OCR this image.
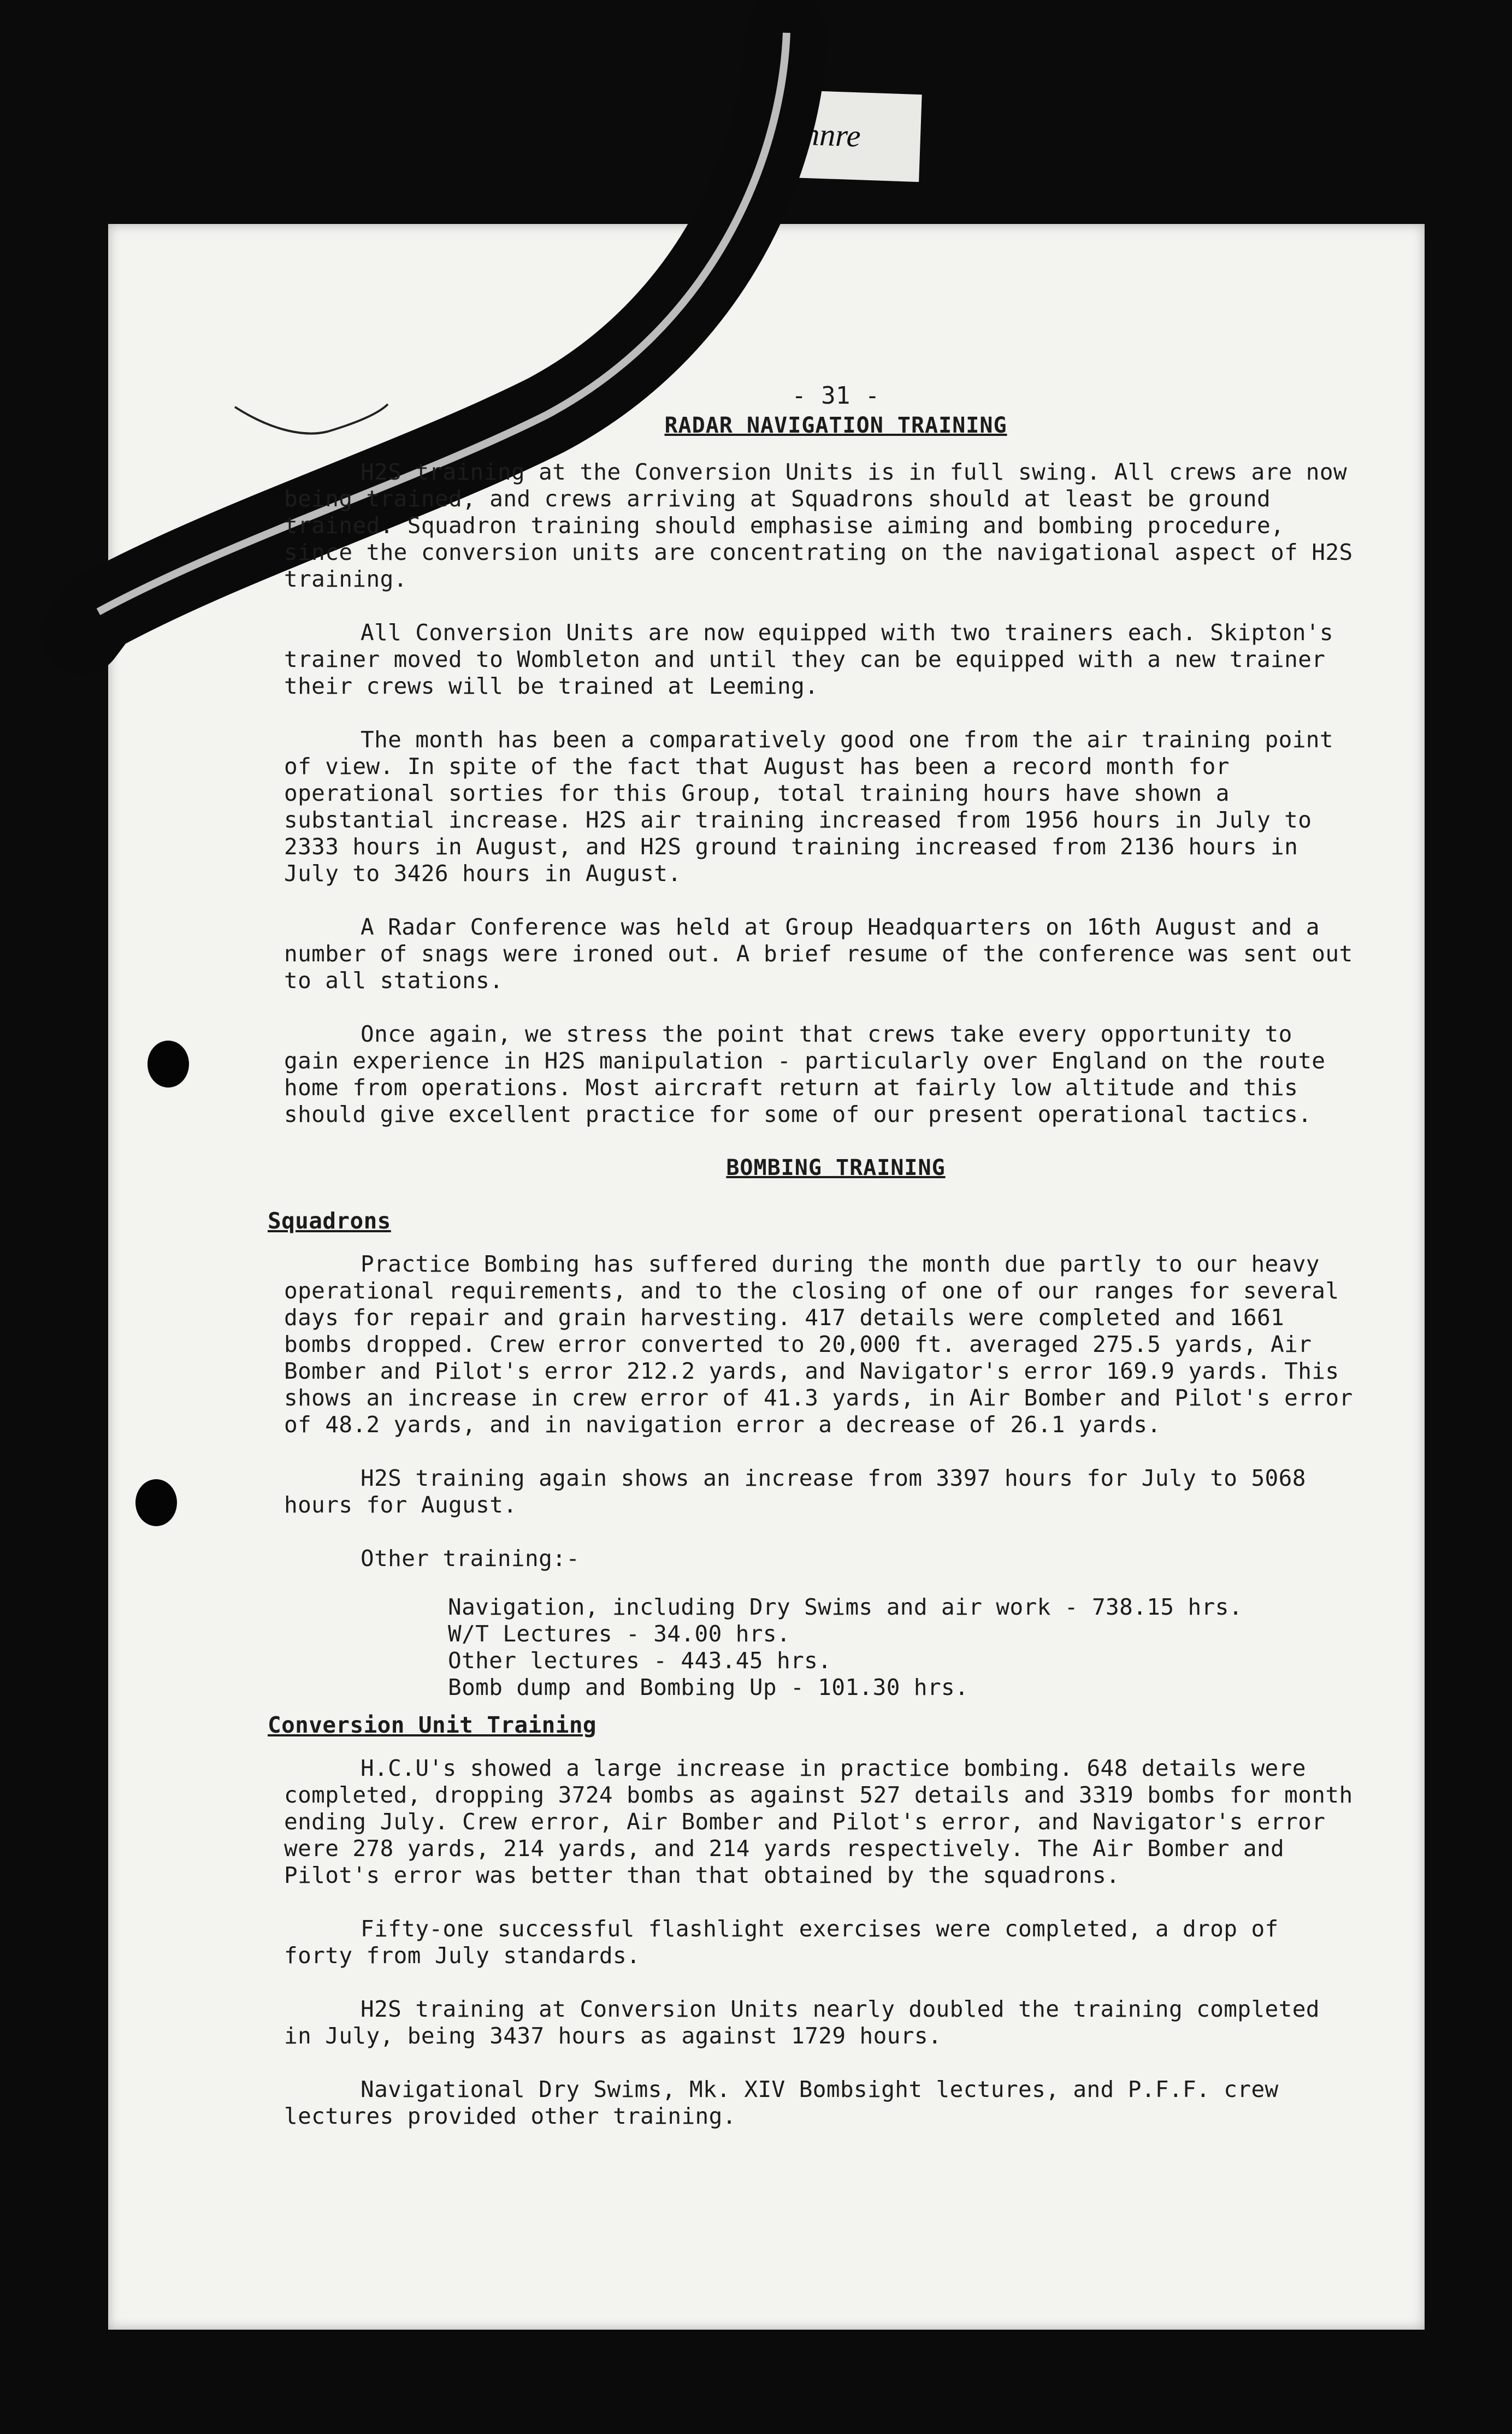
Pannre
- 31 -
RADAR NAVIGATION TRAINING

H2S training at the Conversion Units is in full swing. All crews are now being trained, and crews arriving at Squadrons should at least be ground trained. Squadron training should emphasise aiming and bombing procedure, since the conversion units are concentrating on the navigational aspect of H2S training.

All Conversion Units are now equipped with two trainers each. Skipton's trainer moved to Wombleton and until they can be equipped with a new trainer their crews will be trained at Leeming.

The month has been a comparatively good one from the air training point of view. In spite of the fact that August has been a record month for operational sorties for this Group, total training hours have shown a substantial increase. H2S air training increased from 1956 hours in July to 2333 hours in August, and H2S ground training increased from 2136 hours in July to 3426 hours in August.

A Radar Conference was held at Group Headquarters on 16th August and a number of snags were ironed out. A brief resume of the conference was sent out to all stations.

Once again, we stress the point that crews take every opportunity to gain experience in H2S manipulation - particularly over England on the route home from operations. Most aircraft return at fairly low altitude and this should give excellent practice for some of our present operational tactics.

BOMBING TRAINING
Squadrons

Practice Bombing has suffered during the month due partly to our heavy operational requirements, and to the closing of one of our ranges for several days for repair and grain harvesting. 417 details were completed and 1661 bombs dropped. Crew error converted to 20,000 ft. averaged 275.5 yards, Air Bomber and Pilot's error 212.2 yards, and Navigator's error 169.9 yards. This shows an increase in crew error of 41.3 yards, in Air Bomber and Pilot's error of 48.2 yards, and in navigation error a decrease of 26.1 yards.

H2S training again shows an increase from 3397 hours for July to 5068 hours for August.

Other training:-
Navigation, including Dry Swims and air work - 738.15 hrs.
W/T Lectures - 34.00 hrs.
Other lectures - 443.45 hrs.
Bomb dump and Bombing Up - 101.30 hrs.
Conversion Unit Training

H.C.U's showed a large increase in practice bombing. 648 details were completed, dropping 3724 bombs as against 527 details and 3319 bombs for month ending July. Crew error, Air Bomber and Pilot's error, and Navigator's error were 278 yards, 214 yards, and 214 yards respectively. The Air Bomber and Pilot's error was better than that obtained by the squadrons.

Fifty-one successful flashlight exercises were completed, a drop of forty from July standards.

H2S training at Conversion Units nearly doubled the training completed in July, being 3437 hours as against 1729 hours.

Navigational Dry Swims, Mk. XIV Bombsight lectures, and P.F.F. crew lectures provided other training.
